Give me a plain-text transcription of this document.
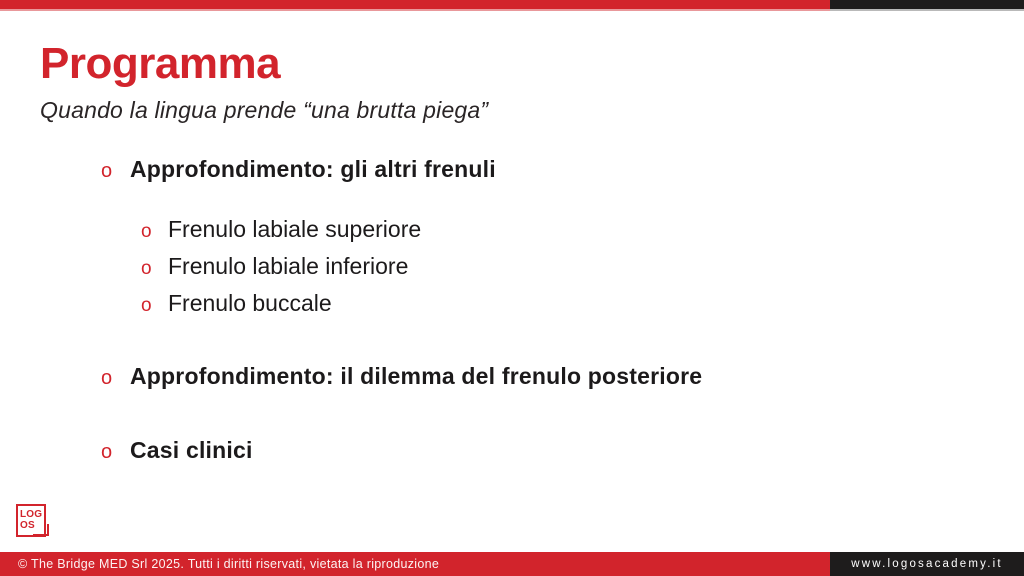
Programma
Quando la lingua prende “una brutta piega”
o Approfondimento: gli altri frenuli
o Frenulo labiale superiore
o Frenulo labiale inferiore
o Frenulo buccale
o Approfondimento: il dilemma del frenulo posteriore
o Casi clinici
LOG
OS
© The Bridge MED Srl 2025. Tutti i diritti riservati, vietata la riproduzione	www.logosacademy.it
